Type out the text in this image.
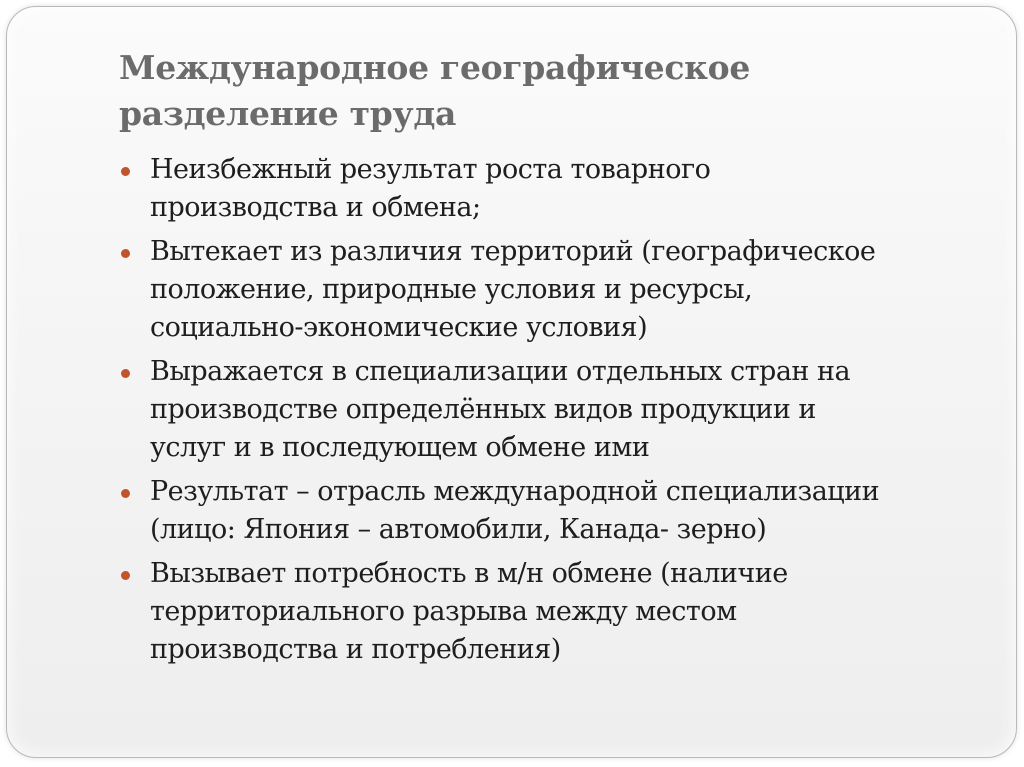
Международное географическое
разделение труда
Неизбежный результат роста товарного
производства и обмена;
Вытекает из различия территорий (географическое
положение, природные условия и ресурсы,
социально-экономические условия)
Выражается в специализации отдельных стран на
производстве определённых видов продукции и
услуг и в последующем обмене ими
Результат – отрасль международной специализации
(лицо: Япония – автомобили, Канада- зерно)
Вызывает потребность в м/н обмене (наличие
территориального разрыва между местом
производства и потребления)
